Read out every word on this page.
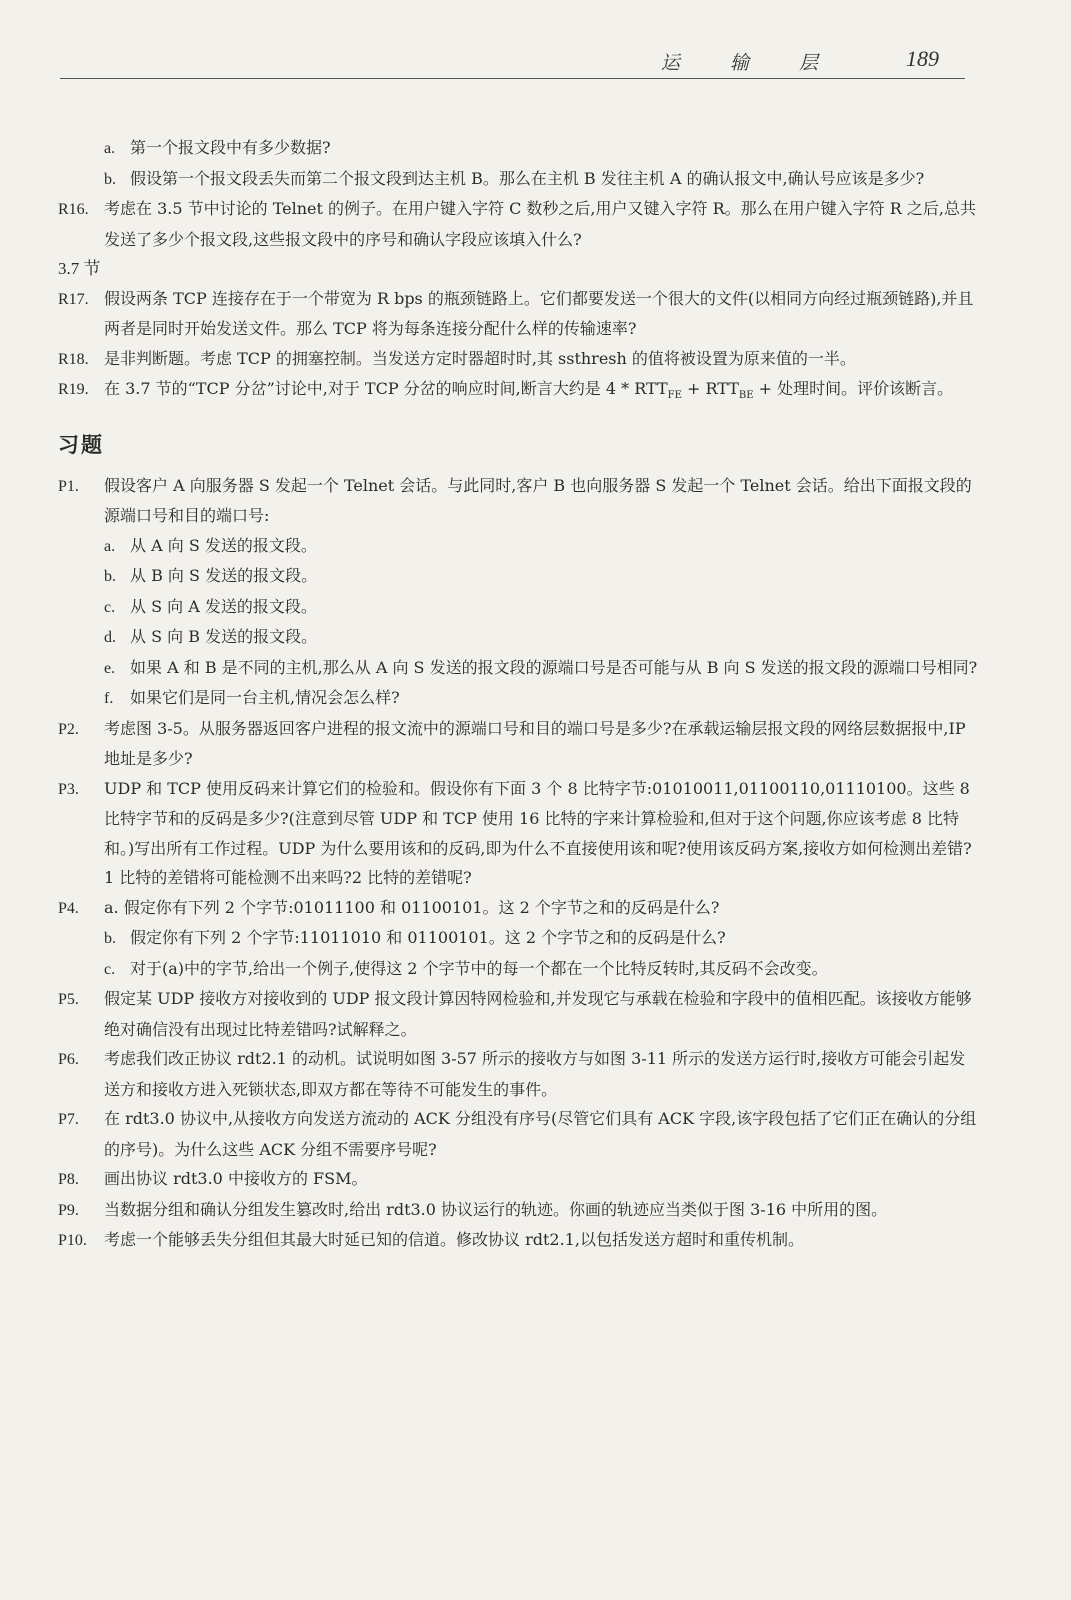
运 输 层	189

a. 第一个报文段中有多少数据?

b. 假设第一个报文段丢失而第二个报文段到达主机 B。那么在主机 B 发往主机 A 的确认报文中,确认号应该是多少?

R16. 考虑在 3.5 节中讨论的 Telnet 的例子。在用户键入字符 C 数秒之后,用户又键入字符 R。那么在用户键入字符 R 之后,总共发送了多少个报文段,这些报文段中的序号和确认字段应该填入什么?

3.7 节

R17. 假设两条 TCP 连接存在于一个带宽为 R bps 的瓶颈链路上。它们都要发送一个很大的文件(以相同方向经过瓶颈链路),并且两者是同时开始发送文件。那么 TCP 将为每条连接分配什么样的传输速率?

R18. 是非判断题。考虑 TCP 的拥塞控制。当发送方定时器超时时,其 ssthresh 的值将被设置为原来值的一半。

R19. 在 3.7 节的“TCP 分岔”讨论中,对于 TCP 分岔的响应时间,断言大约是 $4 * RTT_{FE} + RTT_{BE}$ + 处理时间。评价该断言。

习题

P1. 假设客户 A 向服务器 S 发起一个 Telnet 会话。与此同时,客户 B 也向服务器 S 发起一个 Telnet 会话。给出下面报文段的源端口号和目的端口号:

a. 从 A 向 S 发送的报文段。

b. 从 B 向 S 发送的报文段。

c. 从 S 向 A 发送的报文段。

d. 从 S 向 B 发送的报文段。

e. 如果 A 和 B 是不同的主机,那么从 A 向 S 发送的报文段的源端口号是否可能与从 B 向 S 发送的报文段的源端口号相同?

f. 如果它们是同一台主机,情况会怎么样?

P2. 考虑图 3-5。从服务器返回客户进程的报文流中的源端口号和目的端口号是多少?在承载运输层报文段的网络层数据报中,IP 地址是多少?

P3. UDP 和 TCP 使用反码来计算它们的检验和。假设你有下面 3 个 8 比特字节:01010011,01100110,01110100。这些 8 比特字节和的反码是多少?(注意到尽管 UDP 和 TCP 使用 16 比特的字来计算检验和,但对于这个问题,你应该考虑 8 比特和。)写出所有工作过程。UDP 为什么要用该和的反码,即为什么不直接使用该和呢?使用该反码方案,接收方如何检测出差错?1 比特的差错将可能检测不出来吗?2 比特的差错呢?

P4. a. 假定你有下列 2 个字节:01011100 和 01100101。这 2 个字节之和的反码是什么?

b. 假定你有下列 2 个字节:11011010 和 01100101。这 2 个字节之和的反码是什么?

c. 对于(a)中的字节,给出一个例子,使得这 2 个字节中的每一个都在一个比特反转时,其反码不会改变。

P5. 假定某 UDP 接收方对接收到的 UDP 报文段计算因特网检验和,并发现它与承载在检验和字段中的值相匹配。该接收方能够绝对确信没有出现过比特差错吗?试解释之。

P6. 考虑我们改正协议 rdt2.1 的动机。试说明如图 3-57 所示的接收方与如图 3-11 所示的发送方运行时,接收方可能会引起发送方和接收方进入死锁状态,即双方都在等待不可能发生的事件。

P7. 在 rdt3.0 协议中,从接收方向发送方流动的 ACK 分组没有序号(尽管它们具有 ACK 字段,该字段包括了它们正在确认的分组的序号)。为什么这些 ACK 分组不需要序号呢?

P8. 画出协议 rdt3.0 中接收方的 FSM。

P9. 当数据分组和确认分组发生篡改时,给出 rdt3.0 协议运行的轨迹。你画的轨迹应当类似于图 3-16 中所用的图。

P10. 考虑一个能够丢失分组但其最大时延已知的信道。修改协议 rdt2.1,以包括发送方超时和重传机制。
